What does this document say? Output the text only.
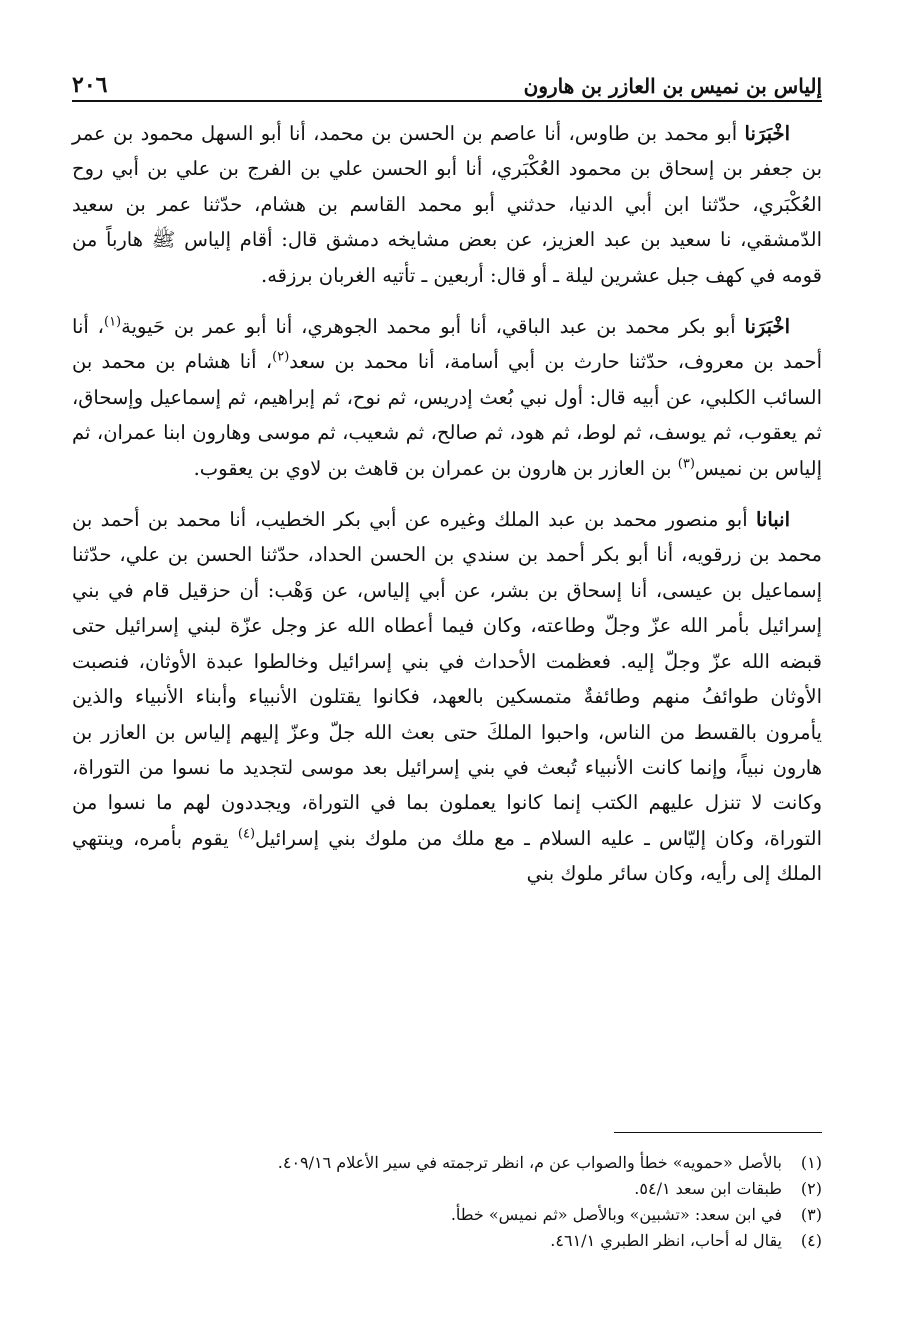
إلياس بن نميس بن العازر بن هارون
٢٠٦

اخْبَرَنا أبو محمد بن طاوس، أنا عاصم بن الحسن بن محمد، أنا أبو السهل محمود بن عمر بن جعفر بن إسحاق بن محمود العُكْبَري، أنا أبو الحسن علي بن الفرج بن علي بن أبي روح العُكْبَري، حدّثنا ابن أبي الدنيا، حدثني أبو محمد القاسم بن هشام، حدّثنا عمر بن سعيد الدّمشقي، نا سعيد بن عبد العزيز، عن بعض مشايخه دمشق قال: أقام إلياس ﷺ هارباً من قومه في كهف جبل عشرين ليلة ـ أو قال: أربعين ـ تأتيه الغربان برزقه.

اخْبَرَنا أبو بكر محمد بن عبد الباقي، أنا أبو محمد الجوهري، أنا أبو عمر بن حَيوية$^{(١)}$، أنا أحمد بن معروف، حدّثنا حارث بن أبي أسامة، أنا محمد بن سعد$^{(٢)}$، أنا هشام بن محمد بن السائب الكلبي، عن أبيه قال: أول نبي بُعث إدريس، ثم نوح، ثم إبراهيم، ثم إسماعيل وإسحاق، ثم يعقوب، ثم يوسف، ثم لوط، ثم هود، ثم صالح، ثم شعيب، ثم موسى وهارون ابنا عمران، ثم إلياس بن نميس$^{(٣)}$ بن العازر بن هارون بن عمران بن قاهث بن لاوي بن يعقوب.

انبانا أبو منصور محمد بن عبد الملك وغيره عن أبي بكر الخطيب، أنا محمد بن أحمد بن محمد بن زرقويه، أنا أبو بكر أحمد بن سندي بن الحسن الحداد، حدّثنا الحسن بن علي، حدّثنا إسماعيل بن عيسى، أنا إسحاق بن بشر، عن أبي إلياس، عن وَهْب: أن حزقيل قام في بني إسرائيل بأمر الله عزّ وجلّ وطاعته، وكان فيما أعطاه الله عز وجل عزّة لبني إسرائيل حتى قبضه الله عزّ وجلّ إليه. فعظمت الأحداث في بني إسرائيل وخالطوا عبدة الأوثان، فنصبت الأوثان طوائفُ منهم وطائفةٌ متمسكين بالعهد، فكانوا يقتلون الأنبياء وأبناء الأنبياء والذين يأمرون بالقسط من الناس، واحبوا الملكَ حتى بعث الله جلّ وعزّ إليهم إلياس بن العازر بن هارون نبياً، وإنما كانت الأنبياء تُبعث في بني إسرائيل بعد موسى لتجديد ما نسوا من التوراة، وكانت لا تنزل عليهم الكتب إنما كانوا يعملون بما في التوراة، ويجددون لهم ما نسوا من التوراة، وكان إليّاس ـ عليه السلام ـ مع ملك من ملوك بني إسرائيل$^{(٤)}$ يقوم بأمره، وينتهي الملك إلى رأيه، وكان سائر ملوك بني

(١)
بالأصل «حمويه» خطأ والصواب عن م، انظر ترجمته في سير الأعلام ٤٠٩/١٦.
(٢)
طبقات ابن سعد ٥٤/١.
(٣)
في ابن سعد: «تشبين» وبالأصل «ثم نميس» خطأ.
(٤)
يقال له أحاب، انظر الطبري ٤٦١/١.
